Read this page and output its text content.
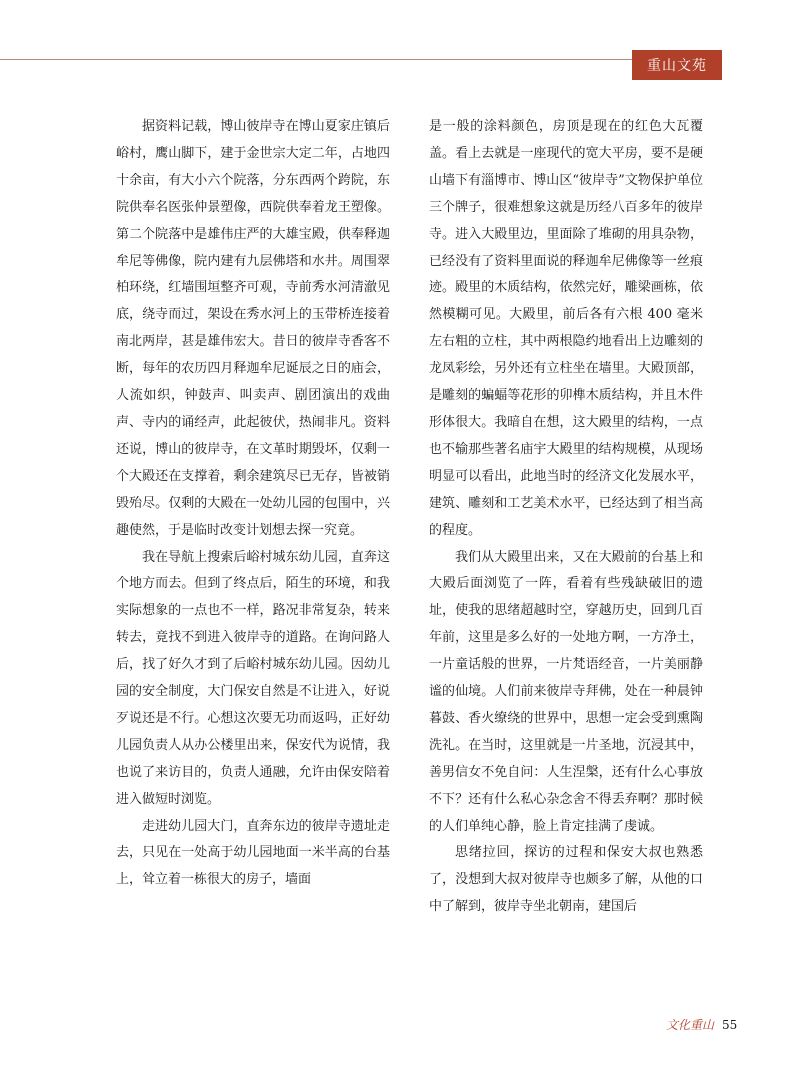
重山文苑

据资料记载，博山彼岸寺在博山夏家庄镇后峪村，鹰山脚下，建于金世宗大定二年，占地四十余亩，有大小六个院落，分东西两个跨院，东院供奉名医张仲景塑像，西院供奉着龙王塑像。第二个院落中是雄伟庄严的大雄宝殿，供奉释迦牟尼等佛像，院内建有九层佛塔和水井。周围翠柏环绕，红墙围垣整齐可观，寺前秀水河清澈见底，绕寺而过，架设在秀水河上的玉带桥连接着南北两岸，甚是雄伟宏大。昔日的彼岸寺香客不断，每年的农历四月释迦牟尼诞辰之日的庙会，人流如织，钟鼓声、叫卖声、剧团演出的戏曲声、寺内的诵经声，此起彼伏，热闹非凡。资料还说，博山的彼岸寺，在文革时期毁坏，仅剩一个大殿还在支撑着，剩余建筑尽已无存，皆被销毁殆尽。仅剩的大殿在一处幼儿园的包围中，兴趣使然，于是临时改变计划想去探一究竟。

我在导航上搜索后峪村城东幼儿园，直奔这个地方而去。但到了终点后，陌生的环境，和我实际想象的一点也不一样，路况非常复杂，转来转去，竟找不到进入彼岸寺的道路。在询问路人后，找了好久才到了后峪村城东幼儿园。因幼儿园的安全制度，大门保安自然是不让进入，好说歹说还是不行。心想这次要无功而返吗，正好幼儿园负责人从办公楼里出来，保安代为说情，我也说了来访目的，负责人通融，允许由保安陪着进入做短时浏览。

走进幼儿园大门，直奔东边的彼岸寺遗址走去，只见在一处高于幼儿园地面一米半高的台基上，耸立着一栋很大的房子，墙面

是一般的涂料颜色，房顶是现在的红色大瓦覆盖。看上去就是一座现代的宽大平房，要不是硬山墙下有淄博市、博山区“彼岸寺”文物保护单位三个牌子，很难想象这就是历经八百多年的彼岸寺。进入大殿里边，里面除了堆砌的用具杂物，已经没有了资料里面说的释迦牟尼佛像等一丝痕迹。殿里的木质结构，依然完好，雕梁画栋，依然模糊可见。大殿里，前后各有六根 400 毫米左右粗的立柱，其中两根隐约地看出上边雕刻的龙凤彩绘，另外还有立柱坐在墙里。大殿顶部，是雕刻的蝙蝠等花形的卯榫木质结构，并且木件形体很大。我暗自在想，这大殿里的结构，一点也不输那些著名庙宇大殿里的结构规模，从现场明显可以看出，此地当时的经济文化发展水平，建筑、雕刻和工艺美术水平，已经达到了相当高的程度。

我们从大殿里出来，又在大殿前的台基上和大殿后面浏览了一阵，看着有些残缺破旧的遗址，使我的思绪超越时空，穿越历史，回到几百年前，这里是多么好的一处地方啊，一方净土，一片童话般的世界，一片梵语经音，一片美丽静谧的仙境。人们前来彼岸寺拜佛，处在一种晨钟暮鼓、香火缭绕的世界中，思想一定会受到熏陶洗礼。在当时，这里就是一片圣地，沉浸其中，善男信女不免自问：人生涅槃，还有什么心事放不下？还有什么私心杂念舍不得丢弃啊？那时候的人们单纯心静，脸上肯定挂满了虔诚。

思绪拉回，探访的过程和保安大叔也熟悉了，没想到大叔对彼岸寺也颇多了解，从他的口中了解到，彼岸寺坐北朝南，建国后

文化重山 55
